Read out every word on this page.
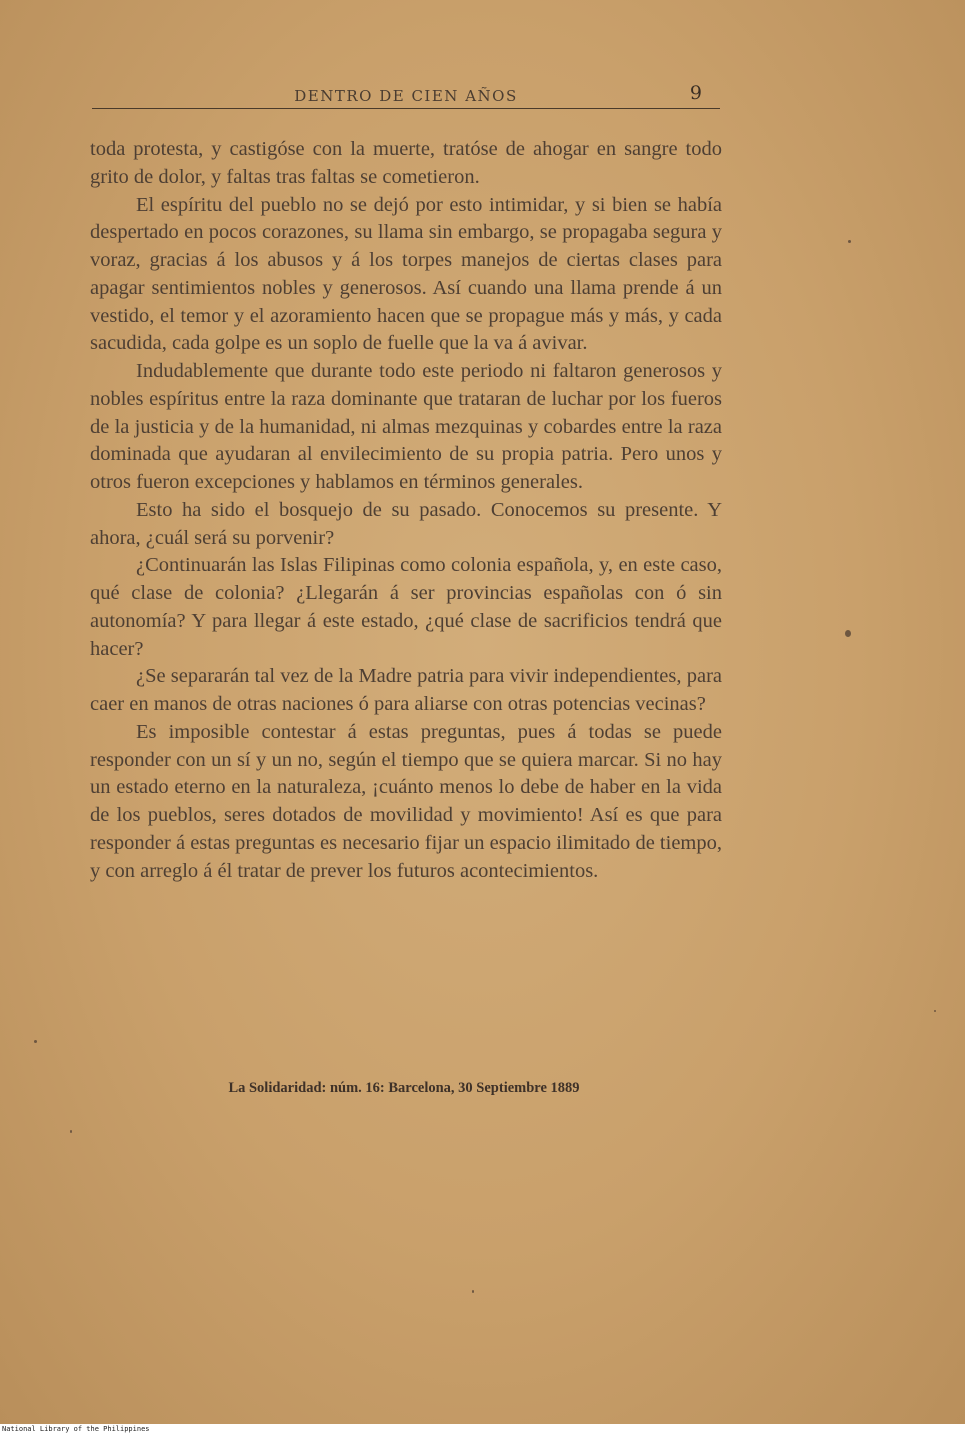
DENTRO DE CIEN AÑOS	9

toda protesta, y castigóse con la muerte, tratóse de ahogar en sangre todo grito de dolor, y faltas tras faltas se cometieron.

El espíritu del pueblo no se dejó por esto intimidar, y si bien se había despertado en pocos corazones, su llama sin embargo, se propagaba segura y voraz, gracias á los abusos y á los torpes manejos de ciertas clases para apagar sentimientos nobles y generosos. Así cuando una llama prende á un vestido, el temor y el azoramiento hacen que se propague más y más, y cada sacudida, cada golpe es un soplo de fuelle que la va á avivar.

Indudablemente que durante todo este periodo ni faltaron generosos y nobles espíritus entre la raza dominante que trataran de luchar por los fueros de la justicia y de la humanidad, ni almas mezquinas y cobardes entre la raza dominada que ayudaran al envilecimiento de su propia patria. Pero unos y otros fueron excepciones y hablamos en términos generales.

Esto ha sido el bosquejo de su pasado. Conocemos su presente. Y ahora, ¿cuál será su porvenir?

¿Continuarán las Islas Filipinas como colonia española, y, en este caso, qué clase de colonia? ¿Llegarán á ser provincias españolas con ó sin autonomía? Y para llegar á este estado, ¿qué clase de sacrificios tendrá que hacer?

¿Se separarán tal vez de la Madre patria para vivir independientes, para caer en manos de otras naciones ó para aliarse con otras potencias vecinas?

Es imposible contestar á estas preguntas, pues á todas se puede responder con un sí y un no, según el tiempo que se quiera marcar. Si no hay un estado eterno en la naturaleza, ¡cuánto menos lo debe de haber en la vida de los pueblos, seres dotados de movilidad y movimiento! Así es que para responder á estas preguntas es necesario fijar un espacio ilimitado de tiempo, y con arreglo á él tratar de prever los futuros acontecimientos.

La Solidaridad: núm. 16: Barcelona, 30 Septiembre 1889
National Library of the Philippines
